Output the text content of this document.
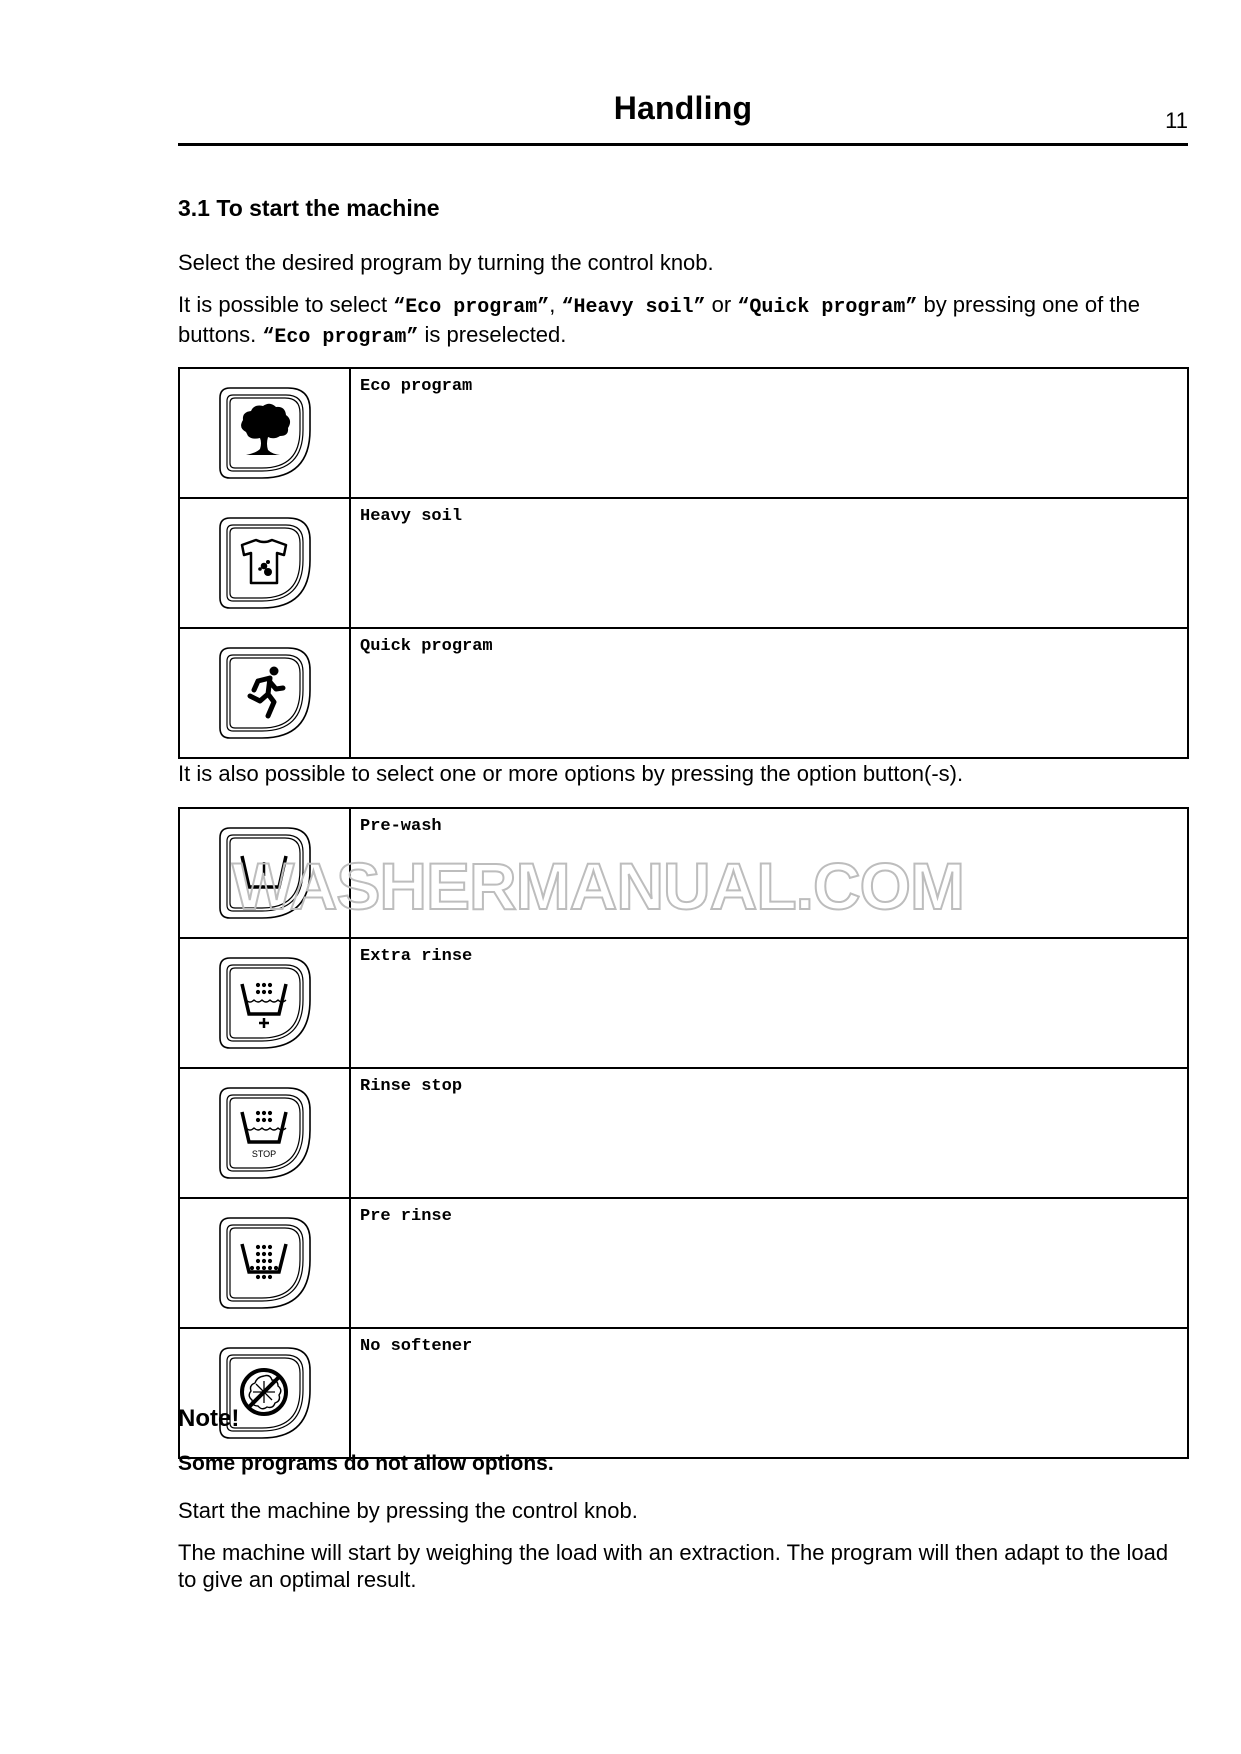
Handling	11
3.1 To start the machine
Select the desired program by turning the control knob.
It is possible to select “Eco program”, “Heavy soil” or “Quick program” by pressing one of the buttons. “Eco program” is preselected.
	Eco program

	Heavy soil

	Quick program
It is also possible to select one or more options by pressing the option button(-s).
	Pre-wash

	Extra rinse

STOP	Rinse stop

	Pre rinse

	No softener
WASHERMANUAL.COM
Note!
Some programs do not allow options.
Start the machine by pressing the control knob.
The machine will start by weighing the load with an extraction. The program will then adapt to the load to give an optimal result.
